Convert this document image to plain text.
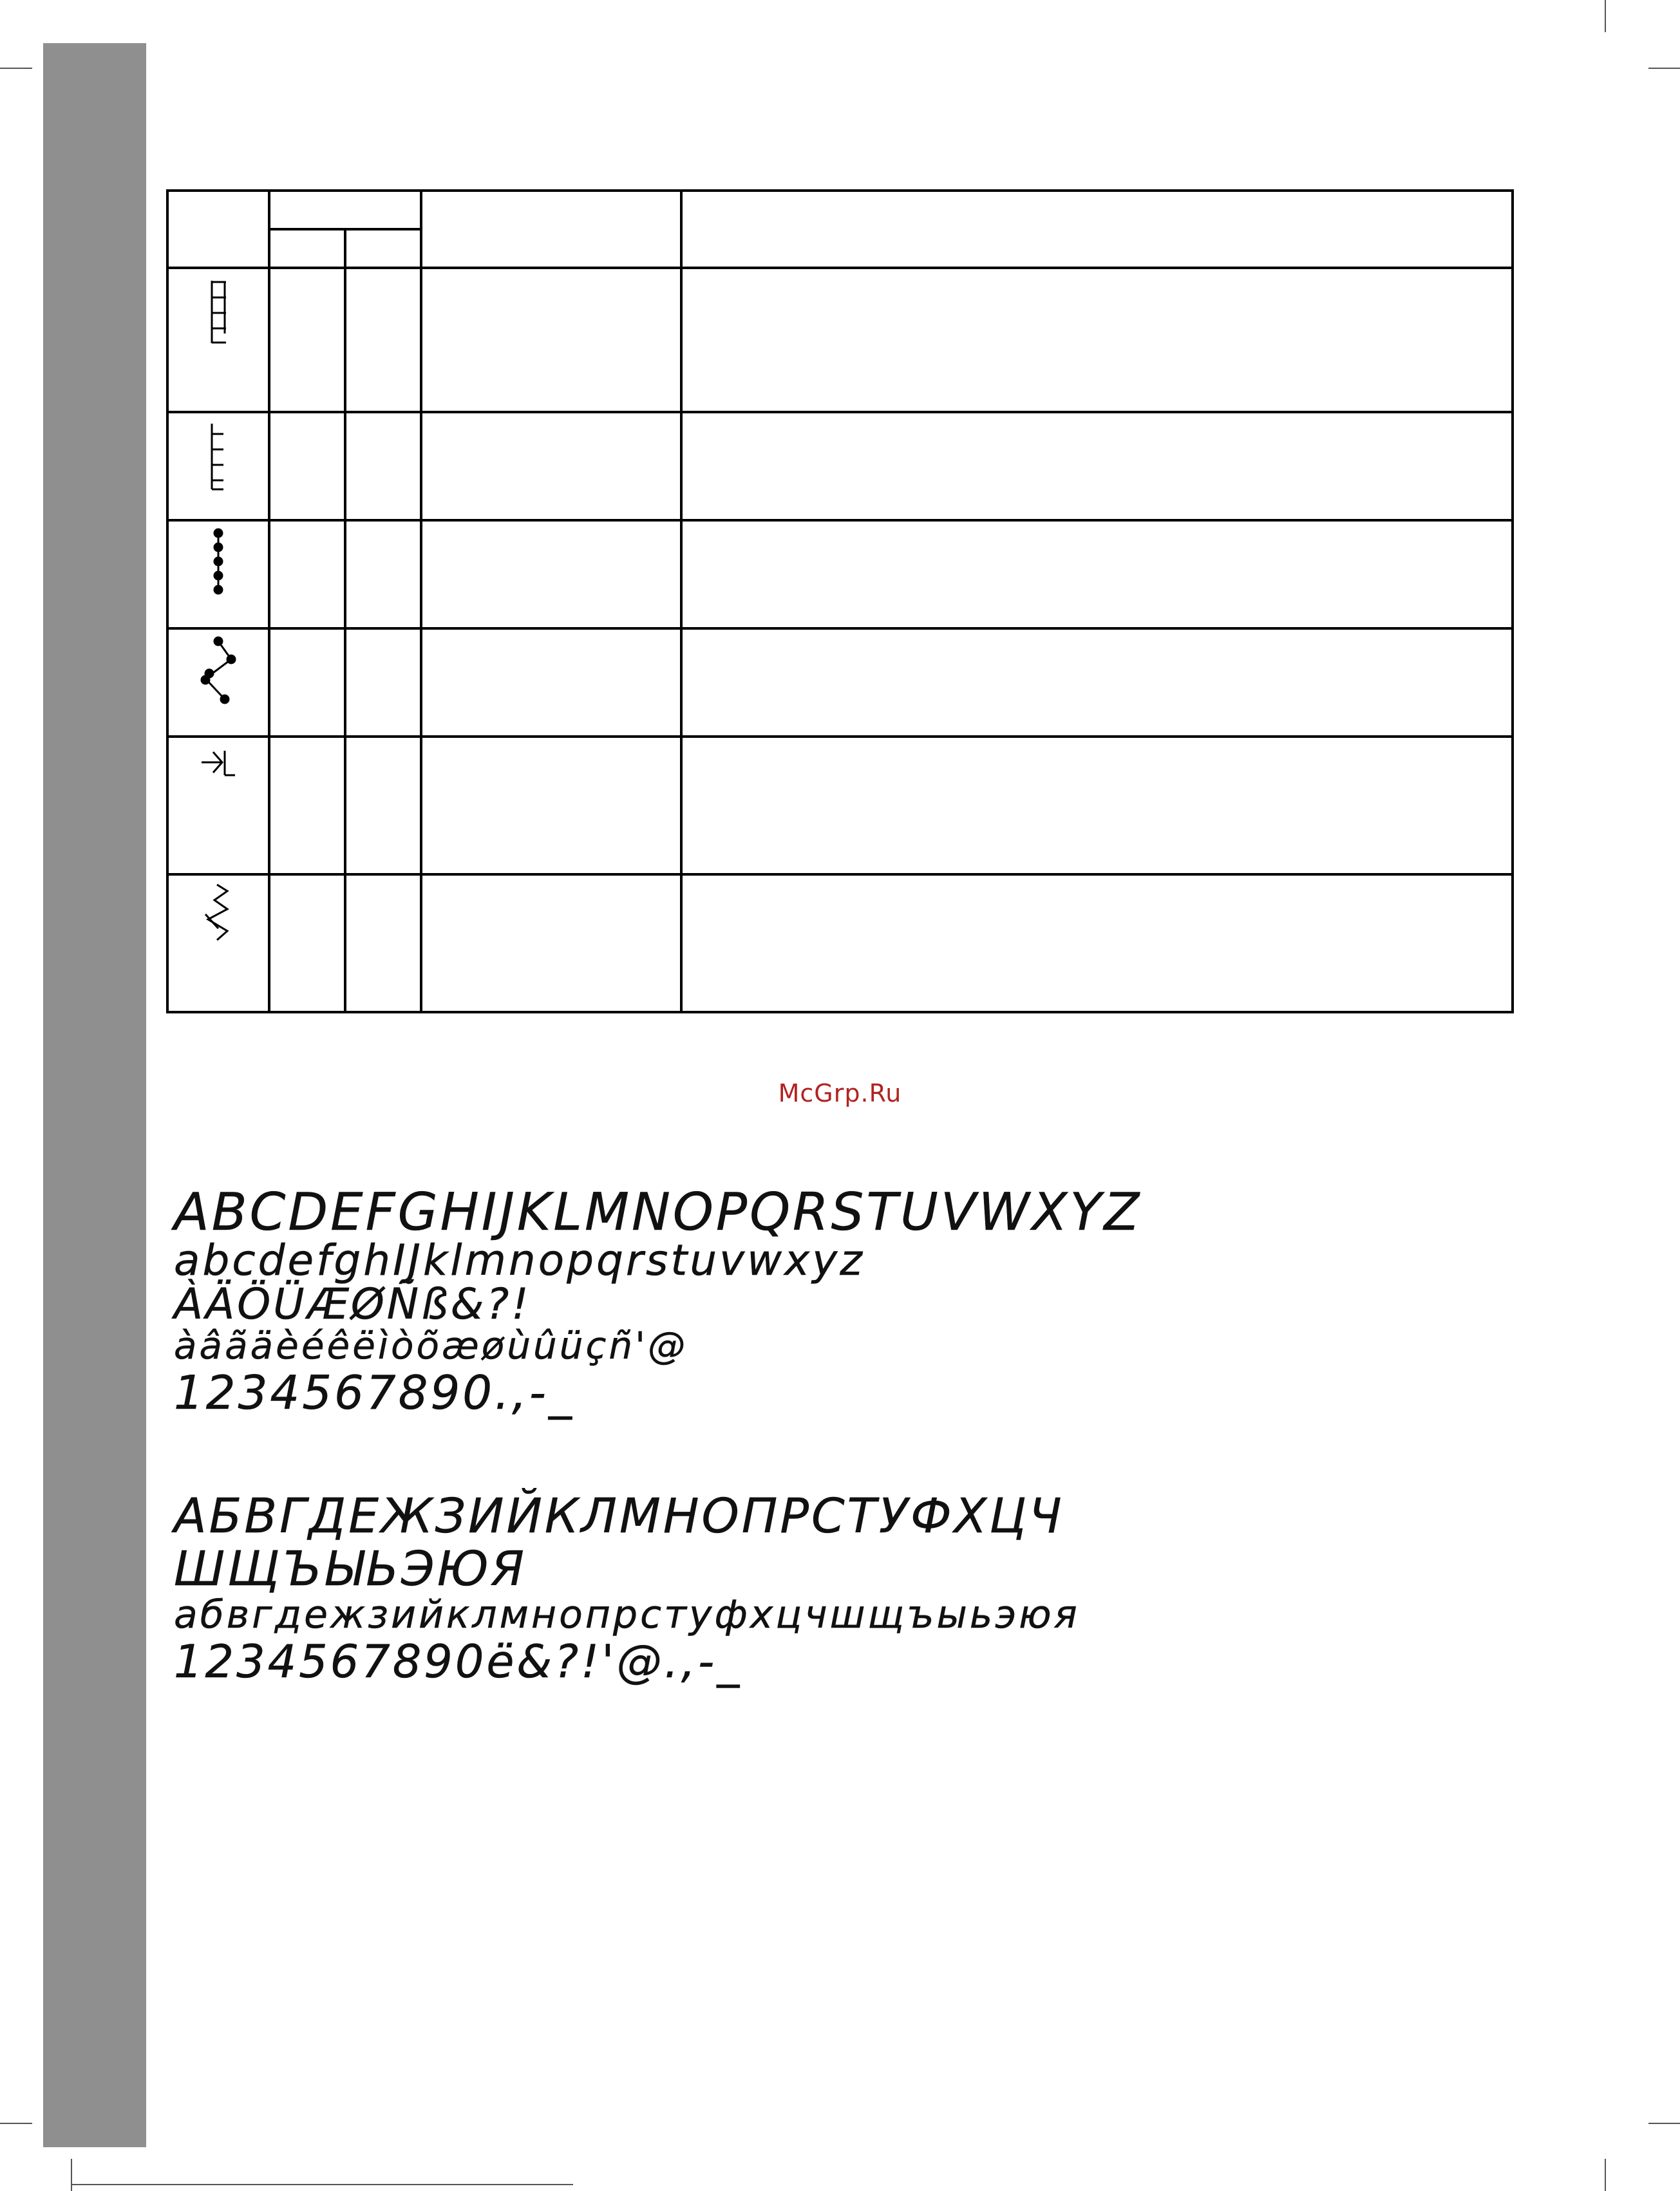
McGrp.Ru
ABCDEFGHIJKLMNOPQRSTUVWXYZ
abcdefghIJklmnopqrstuvwxyz
ÀÄÖÜÆØÑß&?!
àâãäèéêëìòõæøùûüçñ'@
1234567890.,-_
АБВГДЕЖЗИЙКЛМНОПРСТУФХЦЧ
ШЩЪЫЬЭЮЯ
абвгдежзийклмнопрстуфхцчшщъыьэюя
1234567890ё&?!'@.,-_
